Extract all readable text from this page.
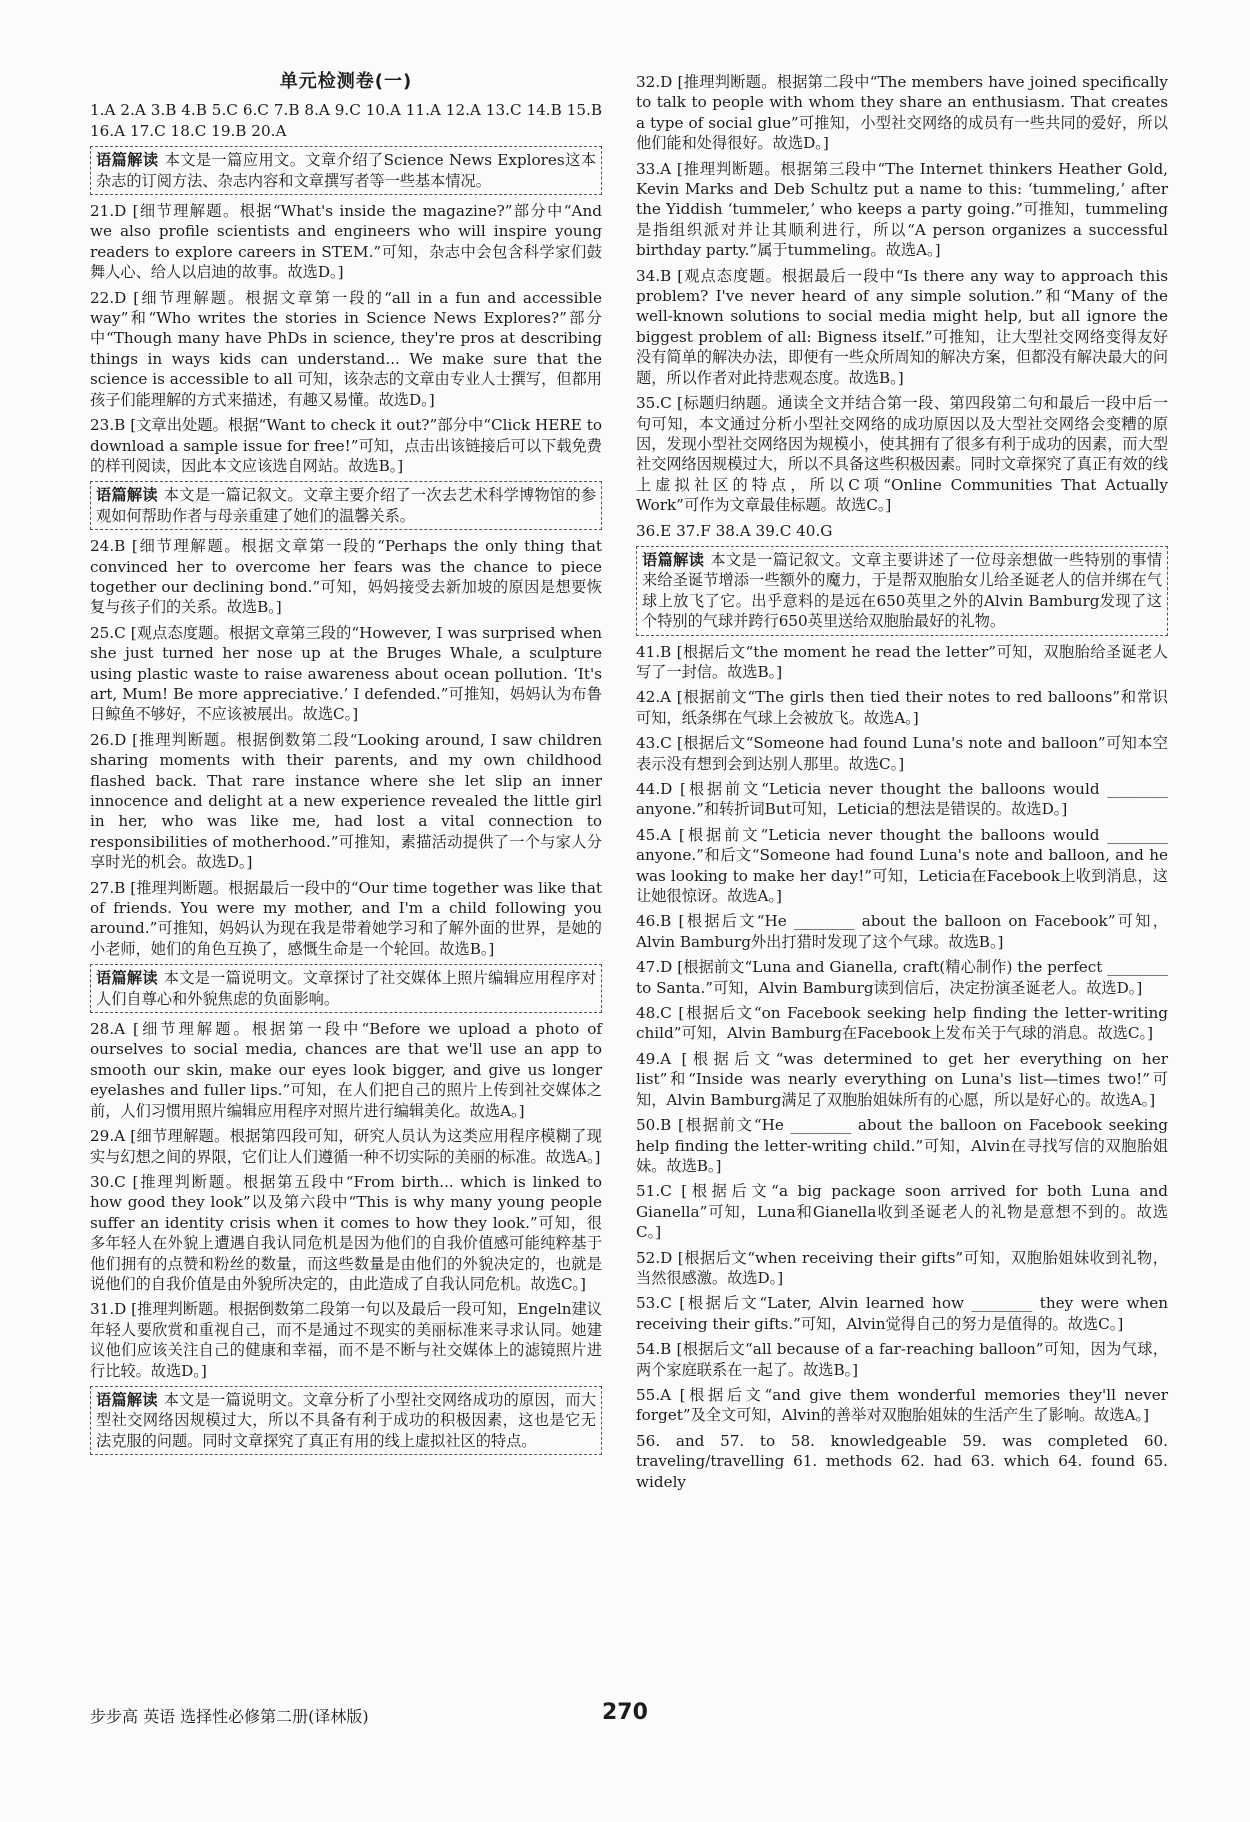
单元检测卷(一)

1.A 2.A 3.B 4.B 5.C 6.C 7.B 8.A 9.C 10.A 11.A 12.A 13.C 14.B 15.B 16.A 17.C 18.C 19.B 20.A

语篇解读 本文是一篇应用文。文章介绍了Science News Explores这本杂志的订阅方法、杂志内容和文章撰写者等一些基本情况。

21.D [细节理解题。根据“What's inside the magazine?”部分中“And we also profile scientists and engineers who will inspire young readers to explore careers in STEM.”可知，杂志中会包含科学家们鼓舞人心、给人以启迪的故事。故选D。]

22.D [细节理解题。根据文章第一段的“all in a fun and accessible way”和“Who writes the stories in Science News Explores?”部分中“Though many have PhDs in science, they're pros at describing things in ways kids can understand... We make sure that the science is accessible to all 可知，该杂志的文章由专业人士撰写，但都用孩子们能理解的方式来描述，有趣又易懂。故选D。]

23.B [文章出处题。根据“Want to check it out?”部分中“Click HERE to download a sample issue for free!”可知，点击出该链接后可以下载免费的样刊阅读，因此本文应该选自网站。故选B。]

语篇解读 本文是一篇记叙文。文章主要介绍了一次去艺术科学博物馆的参观如何帮助作者与母亲重建了她们的温馨关系。

24.B [细节理解题。根据文章第一段的“Perhaps the only thing that convinced her to overcome her fears was the chance to piece together our declining bond.”可知，妈妈接受去新加坡的原因是想要恢复与孩子们的关系。故选B。]

25.C [观点态度题。根据文章第三段的“However, I was surprised when she just turned her nose up at the Bruges Whale, a sculpture using plastic waste to raise awareness about ocean pollution. ‘It's art, Mum! Be more appreciative.’ I defended.”可推知，妈妈认为布鲁日鲸鱼不够好，不应该被展出。故选C。]

26.D [推理判断题。根据倒数第二段“Looking around, I saw children sharing moments with their parents, and my own childhood flashed back. That rare instance where she let slip an inner innocence and delight at a new experience revealed the little girl in her, who was like me, had lost a vital connection to responsibilities of motherhood.”可推知，素描活动提供了一个与家人分享时光的机会。故选D。]

27.B [推理判断题。根据最后一段中的“Our time together was like that of friends. You were my mother, and I'm a child following you around.”可推知，妈妈认为现在我是带着她学习和了解外面的世界，是她的小老师，她们的角色互换了，感慨生命是一个轮回。故选B。]

语篇解读 本文是一篇说明文。文章探讨了社交媒体上照片编辑应用程序对人们自尊心和外貌焦虑的负面影响。

28.A [细节理解题。根据第一段中“Before we upload a photo of ourselves to social media, chances are that we'll use an app to smooth our skin, make our eyes look bigger, and give us longer eyelashes and fuller lips.”可知，在人们把自己的照片上传到社交媒体之前，人们习惯用照片编辑应用程序对照片进行编辑美化。故选A。]

29.A [细节理解题。根据第四段可知，研究人员认为这类应用程序模糊了现实与幻想之间的界限，它们让人们遵循一种不切实际的美丽的标准。故选A。]

30.C [推理判断题。根据第五段中“From birth... which is linked to how good they look”以及第六段中“This is why many young people suffer an identity crisis when it comes to how they look.”可知，很多年轻人在外貌上遭遇自我认同危机是因为他们的自我价值感可能纯粹基于他们拥有的点赞和粉丝的数量，而这些数量是由他们的外貌决定的，也就是说他们的自我价值是由外貌所决定的，由此造成了自我认同危机。故选C。]

31.D [推理判断题。根据倒数第二段第一句以及最后一段可知，Engeln建议年轻人要欣赏和重视自己，而不是通过不现实的美丽标准来寻求认同。她建议他们应该关注自己的健康和幸福，而不是不断与社交媒体上的滤镜照片进行比较。故选D。]

语篇解读 本文是一篇说明文。文章分析了小型社交网络成功的原因，而大型社交网络因规模过大，所以不具备有利于成功的积极因素，这也是它无法克服的问题。同时文章探究了真正有用的线上虚拟社区的特点。

32.D [推理判断题。根据第二段中“The members have joined specifically to talk to people with whom they share an enthusiasm. That creates a type of social glue”可推知，小型社交网络的成员有一些共同的爱好，所以他们能和处得很好。故选D。]

33.A [推理判断题。根据第三段中“The Internet thinkers Heather Gold, Kevin Marks and Deb Schultz put a name to this: ‘tummeling,’ after the Yiddish ‘tummeler,’ who keeps a party going.”可推知，tummeling是指组织派对并让其顺利进行，所以“A person organizes a successful birthday party.”属于tummeling。故选A。]

34.B [观点态度题。根据最后一段中“Is there any way to approach this problem? I've never heard of any simple solution.”和“Many of the well-known solutions to social media might help, but all ignore the biggest problem of all: Bigness itself.”可推知，让大型社交网络变得友好没有简单的解决办法，即便有一些众所周知的解决方案，但都没有解决最大的问题，所以作者对此持悲观态度。故选B。]

35.C [标题归纳题。通读全文并结合第一段、第四段第二句和最后一段中后一句可知，本文通过分析小型社交网络的成功原因以及大型社交网络会变糟的原因，发现小型社交网络因为规模小，使其拥有了很多有利于成功的因素，而大型社交网络因规模过大，所以不具备这些积极因素。同时文章探究了真正有效的线上虚拟社区的特点，所以C项“Online Communities That Actually Work”可作为文章最佳标题。故选C。]

36.E 37.F 38.A 39.C 40.G

语篇解读 本文是一篇记叙文。文章主要讲述了一位母亲想做一些特别的事情来给圣诞节增添一些额外的魔力，于是帮双胞胎女儿给圣诞老人的信并绑在气球上放飞了它。出乎意料的是远在650英里之外的Alvin Bamburg发现了这个特别的气球并跨行650英里送给双胞胎最好的礼物。

41.B [根据后文“the moment he read the letter”可知，双胞胎给圣诞老人写了一封信。故选B。]

42.A [根据前文“The girls then tied their notes to red balloons”和常识可知，纸条绑在气球上会被放飞。故选A。]

43.C [根据后文“Someone had found Luna's note and balloon”可知本空表示没有想到会到达别人那里。故选C。]

44.D [根据前文“Leticia never thought the balloons would ________ anyone.”和转折词But可知，Leticia的想法是错误的。故选D。]

45.A [根据前文“Leticia never thought the balloons would ________ anyone.”和后文“Someone had found Luna's note and balloon, and he was looking to make her day!”可知，Leticia在Facebook上收到消息，这让她很惊讶。故选A。]

46.B [根据后文“He ________ about the balloon on Facebook”可知，Alvin Bamburg外出打猎时发现了这个气球。故选B。]

47.D [根据前文“Luna and Gianella, craft(精心制作) the perfect ________ to Santa.”可知，Alvin Bamburg读到信后，决定扮演圣诞老人。故选D。]

48.C [根据后文“on Facebook seeking help finding the letter-writing child”可知，Alvin Bamburg在Facebook上发布关于气球的消息。故选C。]

49.A [根据后文“was determined to get her everything on her list”和“Inside was nearly everything on Luna's list—times two!”可知，Alvin Bamburg满足了双胞胎姐妹所有的心愿，所以是好心的。故选A。]

50.B [根据前文“He ________ about the balloon on Facebook seeking help finding the letter-writing child.”可知，Alvin在寻找写信的双胞胎姐妹。故选B。]

51.C [根据后文“a big package soon arrived for both Luna and Gianella”可知，Luna和Gianella收到圣诞老人的礼物是意想不到的。故选C。]

52.D [根据后文“when receiving their gifts”可知，双胞胎姐妹收到礼物，当然很感激。故选D。]

53.C [根据后文“Later, Alvin learned how ________ they were when receiving their gifts.”可知，Alvin觉得自己的努力是值得的。故选C。]

54.B [根据后文“all because of a far-reaching balloon”可知，因为气球，两个家庭联系在一起了。故选B。]

55.A [根据后文“and give them wonderful memories they'll never forget”及全文可知，Alvin的善举对双胞胎姐妹的生活产生了影响。故选A。]

56. and 57. to 58. knowledgeable 59. was completed 60. traveling/travelling 61. methods 62. had 63. which 64. found 65. widely

步步高 英语 选择性必修第二册(译林版)	270
